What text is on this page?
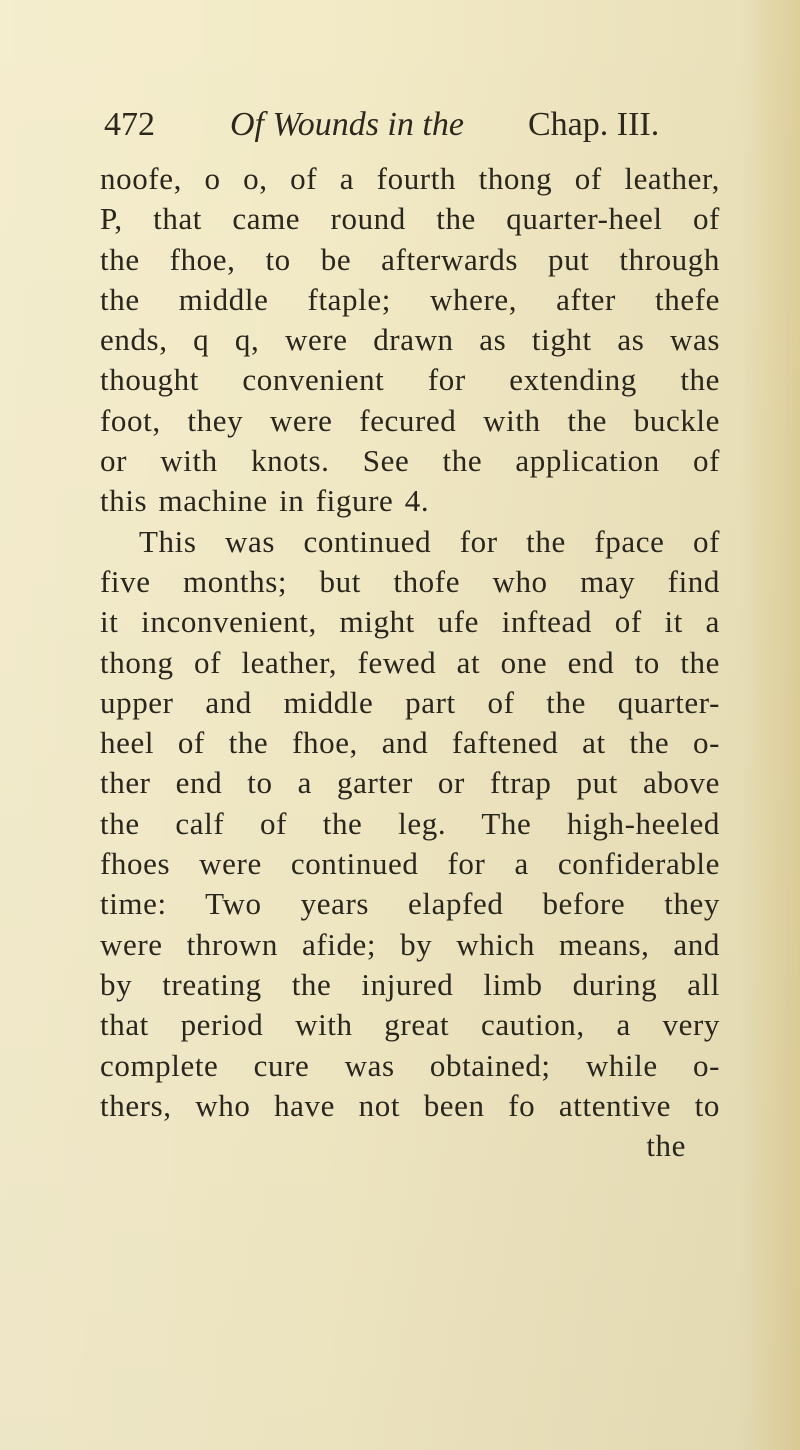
472 Of Wounds in the Chap. III.
noofe, o o, of a fourth thong of leather,
P, that came round the quarter-heel of
the fhoe, to be afterwards put through
the middle ftaple; where, after thefe
ends, q q, were drawn as tight as was
thought convenient for extending the
foot, they were fecured with the buckle
or with knots. See the application of
this machine in figure 4.
This was continued for the fpace of
five months; but thofe who may find
it inconvenient, might ufe inftead of it a
thong of leather, fewed at one end to the
upper and middle part of the quarter-
heel of the fhoe, and faftened at the o-
ther end to a garter or ftrap put above
the calf of the leg. The high-heeled
fhoes were continued for a confiderable
time: Two years elapfed before they
were thrown afide; by which means, and
by treating the injured limb during all
that period with great caution, a very
complete cure was obtained; while o-
thers, who have not been fo attentive to
the
